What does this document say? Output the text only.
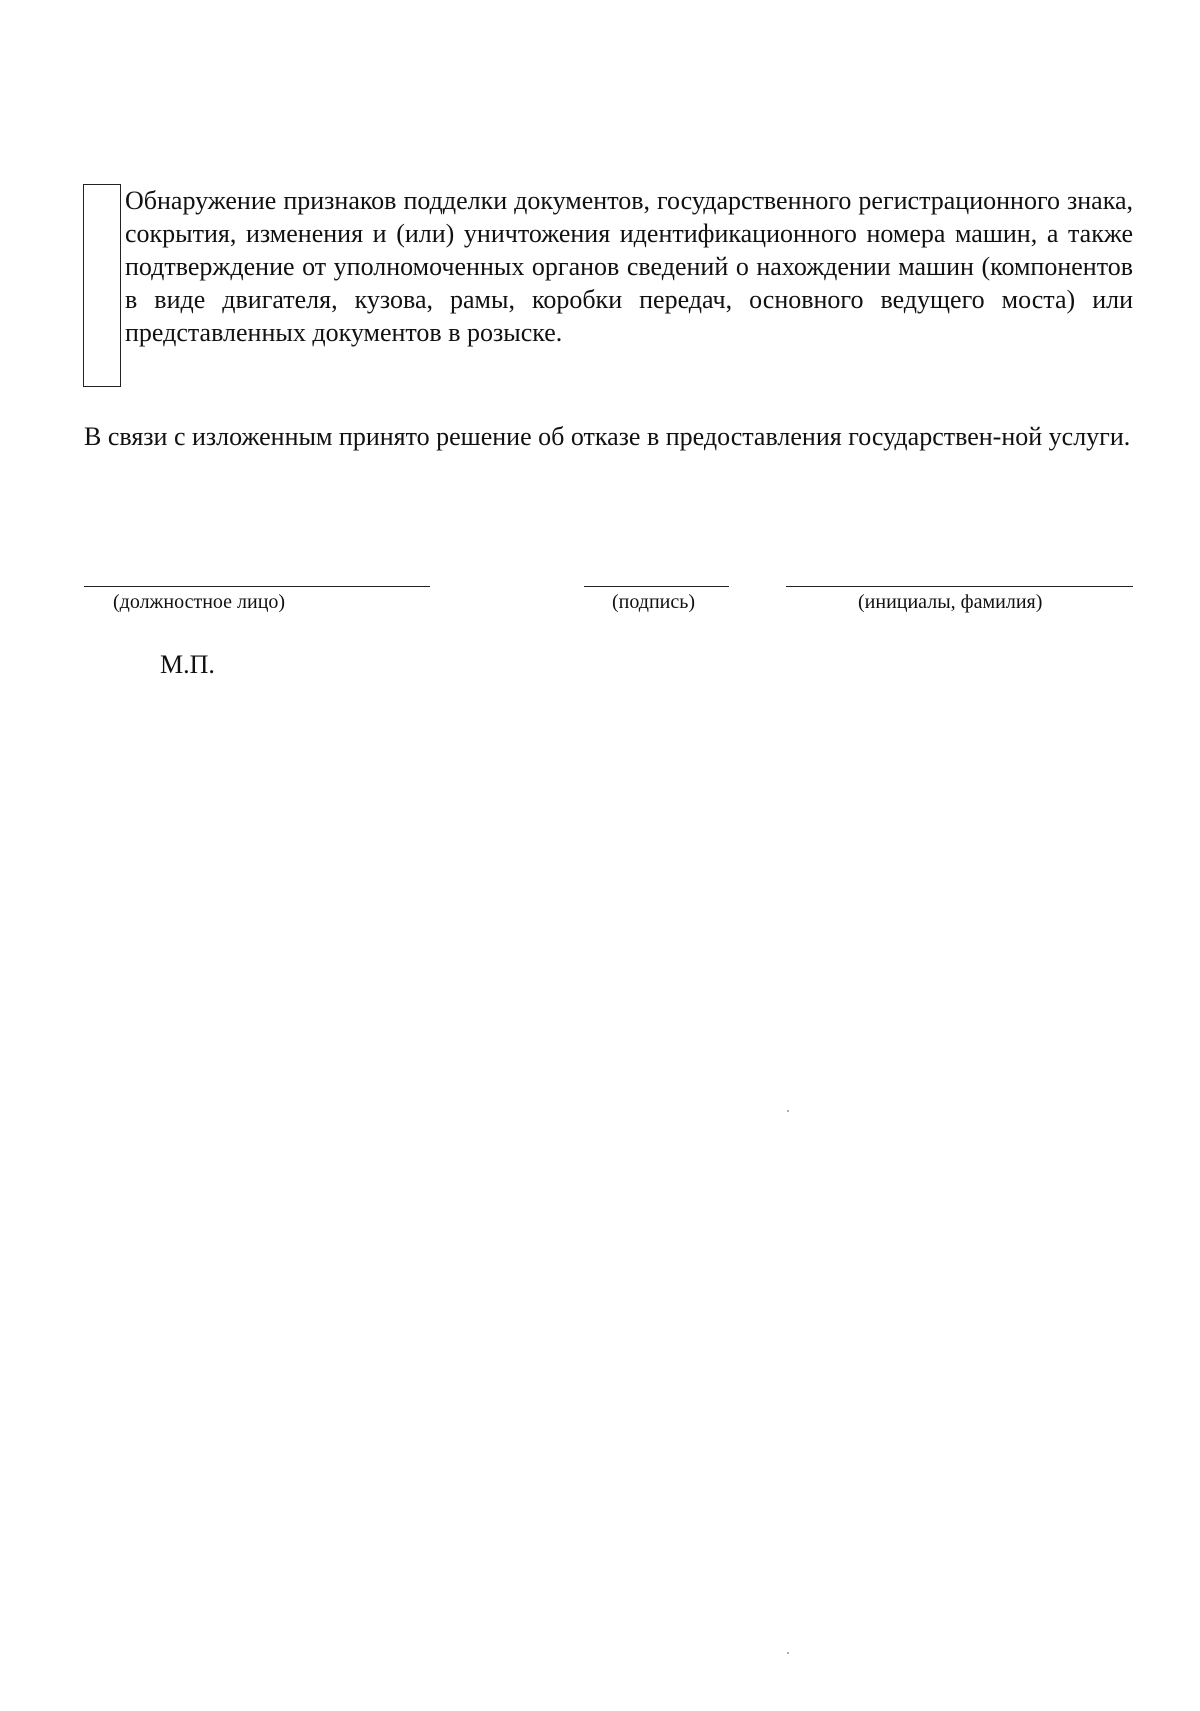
Обнаружение признаков подделки документов, государственного регистрационного знака, сокрытия, изменения и (или) уничтожения идентификационного номера машин, а также подтверждение от уполномоченных органов сведений о нахождении машин (компонентов в виде двигателя, кузова, рамы, коробки передач, основного ведущего моста) или представленных документов в розыске.

В связи с изложенным принято решение об отказе в предоставления государствен-ной услуги.

(должностное лицо)	(подпись)	(инициалы, фамилия)
М.П.
